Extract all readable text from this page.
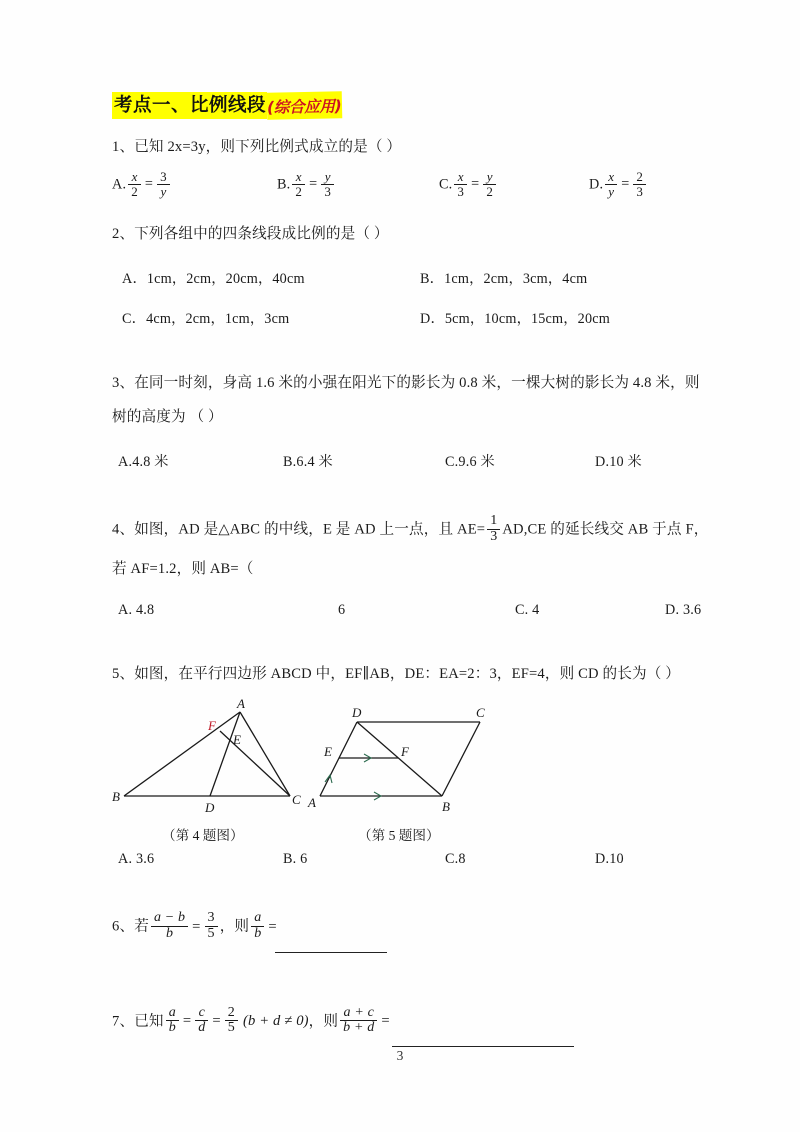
考点一、比例线段 (综合应用)
1、已知 2x=3y，则下列比例式成立的是（ ）
A. $\frac{x}{2} = \frac{3}{y}$	B. $\frac{x}{2} = \frac{y}{3}$	C. $\frac{x}{3} = \frac{y}{2}$	D. $\frac{x}{y} = \frac{2}{3}$
2、下列各组中的四条线段成比例的是（ ）
A．1cm，2cm，20cm，40cm	B．1cm，2cm，3cm，4cm
C．4cm，2cm，1cm，3cm	D．5cm，10cm，15cm，20cm
3、在同一时刻，身高 1.6 米的小强在阳光下的影长为 0.8 米，一棵大树的影长为 4.8 米，则
树的高度为 （ ）
A.4.8 米	B.6.4 米	C.9.6 米	D.10 米
4、如图，AD 是△ABC 的中线，E 是 AD 上一点，且 $AE= \frac{1}{3} AD,CE$ 的延长线交 AB 于点 F，
若 AF=1.2，则 AB=（
A. 4.8	6	C. 4	D. 3.6
5、如图，在平行四边形 ABCD 中，EF∥AB，DE：EA=2：3，EF=4，则 CD 的长为（ ）
A
B	C
D
E
F
D	C
A	B
E	F
（第 4 题图）	（第 5 题图）
A. 3.6	B. 6	C.8	D.10
6、若 $\frac{a - b}{b} = \frac{3}{5}$ ，则 $\frac{a}{b}$ =
7、已知 $\frac{a}{b} = \frac{c}{d} = \frac{2}{5} (b + d \ne 0)$，则 $\frac{a + c}{b + d}$ =
3
